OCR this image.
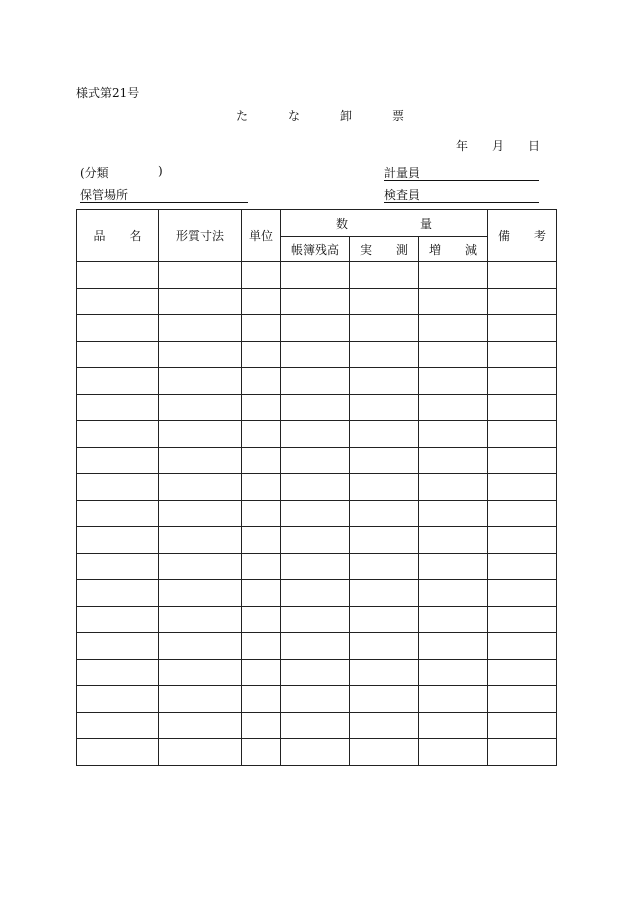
様式第21号
た	な	卸	票
年 月 日
(分類	)
保管場所
計量員
検査員
品　　名	形質寸法	単位	数　　　　　　量			備　　考
			帳簿残高	実　　測	増　　減	
